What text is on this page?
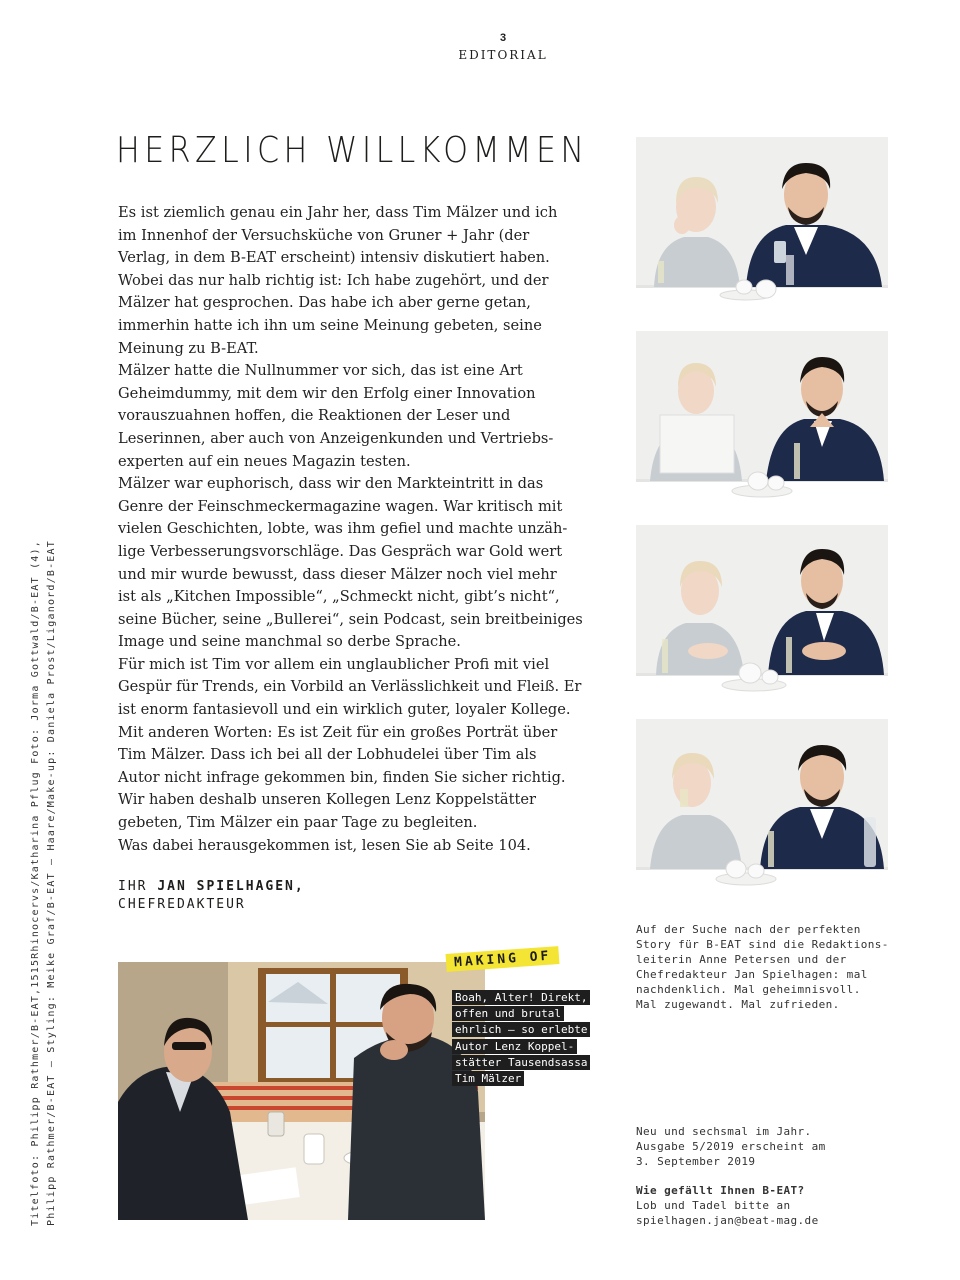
3
EDITORIAL
HERZLICH WILLKOMMEN
Es ist ziemlich genau ein Jahr her, dass Tim Mälzer und ich
im Innenhof der Versuchsküche von Gruner + Jahr (der
Verlag, in dem B-EAT erscheint) intensiv diskutiert haben.
Wobei das nur halb richtig ist: Ich habe zugehört, und der
Mälzer hat gesprochen. Das habe ich aber gerne getan,
immerhin hatte ich ihn um seine Meinung gebeten, seine
Meinung zu B-EAT.
Mälzer hatte die Nullnummer vor sich, das ist eine Art
Geheimdummy, mit dem wir den Erfolg einer Innovation
vorauszuahnen hoffen, die Reaktionen der Leser und
Leserinnen, aber auch von Anzeigenkunden und Vertriebs-
experten auf ein neues Magazin testen.
Mälzer war euphorisch, dass wir den Markteintritt in das
Genre der Feinschmeckermagazine wagen. War kritisch mit
vielen Geschichten, lobte, was ihm gefiel und machte unzäh-
lige Verbesserungsvorschläge. Das Gespräch war Gold wert
und mir wurde bewusst, dass dieser Mälzer noch viel mehr
ist als „Kitchen Impossible“, „Schmeckt nicht, gibt’s nicht“,
seine Bücher, seine „Bullerei“, sein Podcast, sein breitbeiniges
Image und seine manchmal so derbe Sprache.
Für mich ist Tim vor allem ein unglaublicher Profi mit viel
Gespür für Trends, ein Vorbild an Verlässlichkeit und Fleiß. Er
ist enorm fantasievoll und ein wirklich guter, loyaler Kollege.
Mit anderen Worten: Es ist Zeit für ein großes Porträt über
Tim Mälzer. Dass ich bei all der Lobhudelei über Tim als
Autor nicht infrage gekommen bin, finden Sie sicher richtig.
Wir haben deshalb unseren Kollegen Lenz Koppelstätter
gebeten, Tim Mälzer ein paar Tage zu begleiten.
Was dabei herausgekommen ist, lesen Sie ab Seite 104.
IHR JAN SPIELHAGEN,
CHEFREDAKTEUR
Titelfoto: Philipp Rathmer/B-EAT,1515Rhinocervs/Katharina Pflug Foto: Jorma Gottwald/B-EAT (4), Philipp Rathmer/B-EAT — Styling: Meike Graf/B-EAT — Haare/Make-up: Daniela Prost/Liganord/B-EAT	MAKING OF
Boah, Alter! Direkt,
offen und brutal
ehrlich – so erlebte
Autor Lenz Koppel-
stätter Tausendsassa
Tim Mälzer
Auf der Suche nach der perfekten
Story für B-EAT sind die Redaktions-
leiterin Anne Petersen und der
Chefredakteur Jan Spielhagen: mal
nachdenklich. Mal geheimnisvoll.
Mal zugewandt. Mal zufrieden.
Neu und sechsmal im Jahr.
Ausgabe 5/2019 erscheint am
3. September 2019
Wie gefällt Ihnen B-EAT?
Lob und Tadel bitte an
spielhagen.jan@beat-mag.de
